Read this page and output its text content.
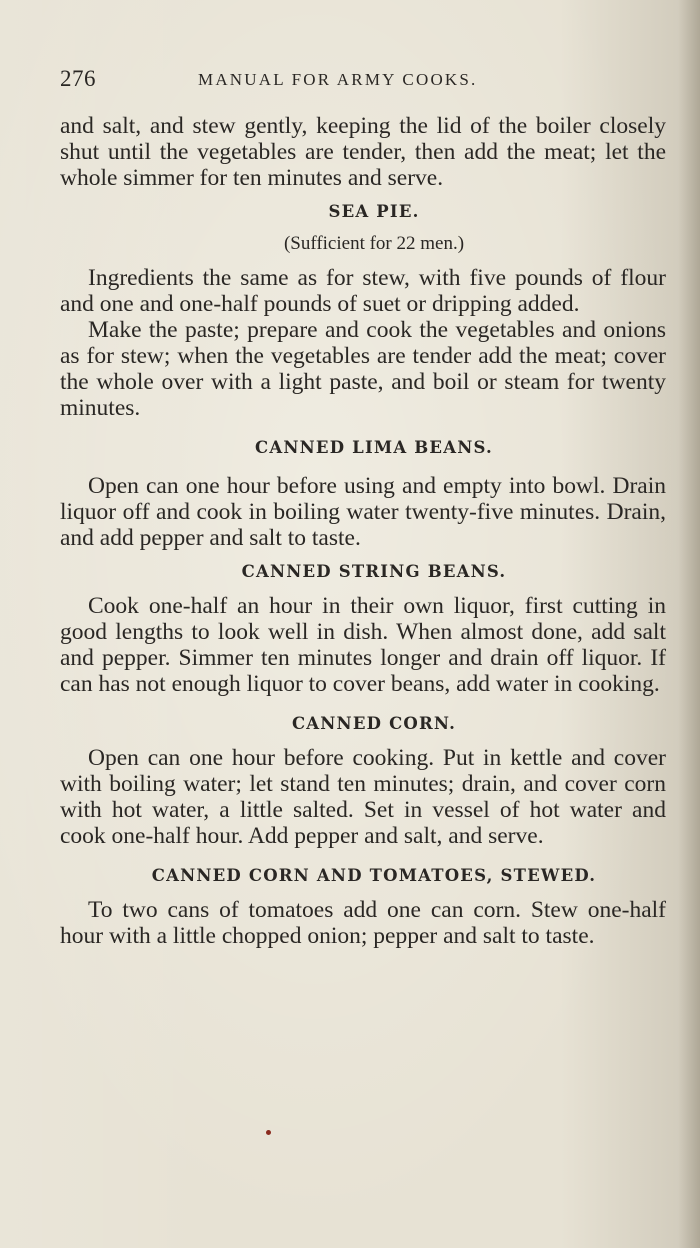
276	MANUAL FOR ARMY COOKS.

and salt, and stew gently, keeping the lid of the boiler closely shut until the vegetables are tender, then add the meat; let the whole simmer for ten minutes and serve.

SEA PIE.
(Sufficient for 22 men.)

Ingredients the same as for stew, with five pounds of flour and one and one-half pounds of suet or dripping added.

Make the paste; prepare and cook the vegetables and onions as for stew; when the vegetables are tender add the meat; cover the whole over with a light paste, and boil or steam for twenty minutes.

CANNED LIMA BEANS.

Open can one hour before using and empty into bowl. Drain liquor off and cook in boiling water twenty-five minutes. Drain, and add pepper and salt to taste.

CANNED STRING BEANS.

Cook one-half an hour in their own liquor, first cutting in good lengths to look well in dish. When almost done, add salt and pepper. Simmer ten minutes longer and drain off liquor. If can has not enough liquor to cover beans, add water in cooking.

CANNED CORN.

Open can one hour before cooking. Put in kettle and cover with boiling water; let stand ten minutes; drain, and cover corn with hot water, a little salted. Set in vessel of hot water and cook one-half hour. Add pepper and salt, and serve.

CANNED CORN AND TOMATOES, STEWED.

To two cans of tomatoes add one can corn. Stew one-half hour with a little chopped onion; pepper and salt to taste.
